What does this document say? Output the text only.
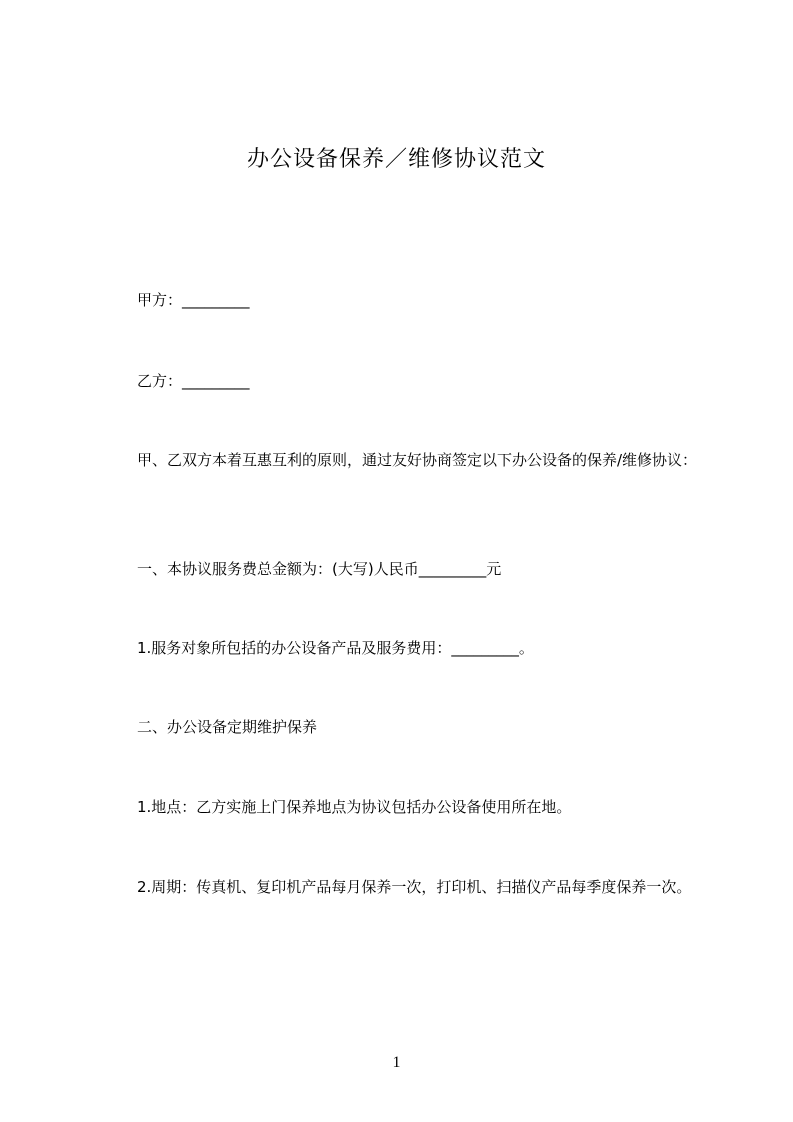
办公设备保养／维修协议范文

甲方：_________

乙方：_________

甲、乙双方本着互惠互利的原则，通过友好协商签定以下办公设备的保养/维修协议：

一、本协议服务费总金额为：(大写)人民币_________元

1.服务对象所包括的办公设备产品及服务费用：_________。

二、办公设备定期维护保养

1.地点：乙方实施上门保养地点为协议包括办公设备使用所在地。

2.周期：传真机、复印机产品每月保养一次，打印机、扫描仪产品每季度保养一次。

1
